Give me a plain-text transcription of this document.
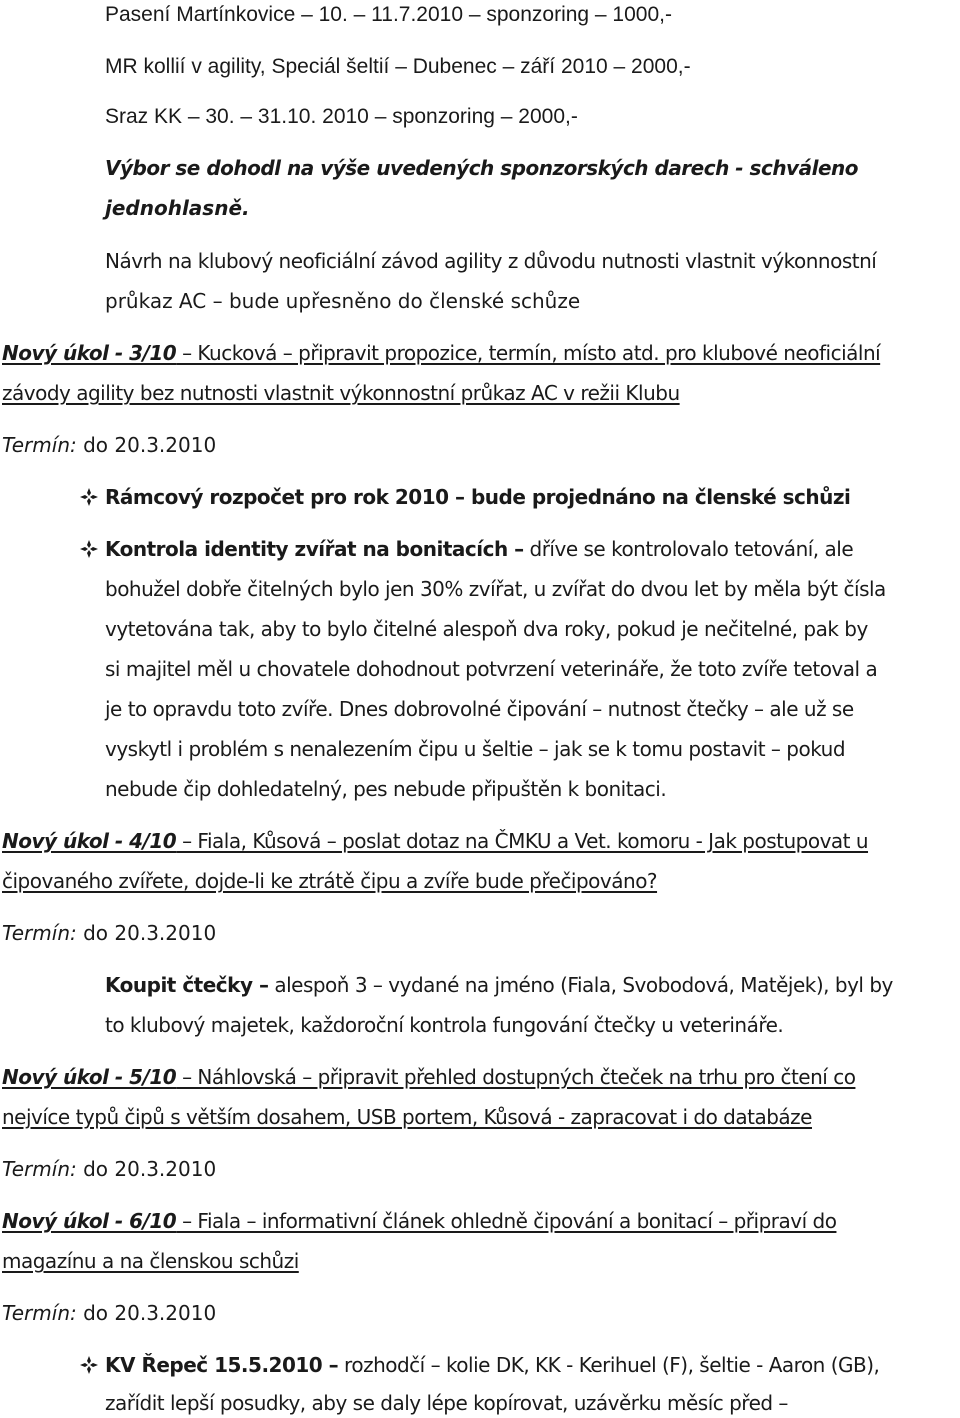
Pasení Martínkovice – 10. – 11.7.2010 – sponzoring – 1000,-
MR kollií v agility, Speciál šeltií – Dubenec – září 2010 – 2000,-
Sraz KK – 30. – 31.10. 2010 – sponzoring – 2000,-
Výbor se dohodl na výše uvedených sponzorských darech - schváleno
jednohlasně.
Návrh na klubový neoficiální závod agility z důvodu nutnosti vlastnit výkonnostní
průkaz AC – bude upřesněno do členské schůze
Nový úkol - 3/10 – Kucková – připravit propozice, termín, místo atd. pro klubové neoficiální
závody agility bez nutnosti vlastnit výkonnostní průkaz AC v režii Klubu
Termín: do 20.3.2010
Rámcový rozpočet pro rok 2010 – bude projednáno na členské schůzi
Kontrola identity zvířat na bonitacích – dříve se kontrolovalo tetování, ale
bohužel dobře čitelných bylo jen 30% zvířat, u zvířat do dvou let by měla být čísla
vytetována tak, aby to bylo čitelné alespoň dva roky, pokud je nečitelné, pak by
si majitel měl u chovatele dohodnout potvrzení veterináře, že toto zvíře tetoval a
je to opravdu toto zvíře. Dnes dobrovolné čipování – nutnost čtečky – ale už se
vyskytl i problém s nenalezením čipu u šeltie – jak se k tomu postavit – pokud
nebude čip dohledatelný, pes nebude připuštěn k bonitaci.
Nový úkol - 4/10 – Fiala, Kůsová – poslat dotaz na ČMKU a Vet. komoru - Jak postupovat u
čipovaného zvířete, dojde-li ke ztrátě čipu a zvíře bude přečipováno?
Termín: do 20.3.2010
Koupit čtečky – alespoň 3 – vydané na jméno (Fiala, Svobodová, Matějek), byl by
to klubový majetek, každoroční kontrola fungování čtečky u veterináře.
Nový úkol - 5/10 – Náhlovská – připravit přehled dostupných čteček na trhu pro čtení co
nejvíce typů čipů s větším dosahem, USB portem, Kůsová - zapracovat i do databáze
Termín: do 20.3.2010
Nový úkol - 6/10 – Fiala – informativní článek ohledně čipování a bonitací – připraví do
magazínu a na členskou schůzi
Termín: do 20.3.2010
KV Řepeč 15.5.2010 – rozhodčí – kolie DK, KK - Kerihuel (F), šeltie - Aaron (GB),
zařídit lepší posudky, aby se daly lépe kopírovat, uzávěrku měsíc před –
